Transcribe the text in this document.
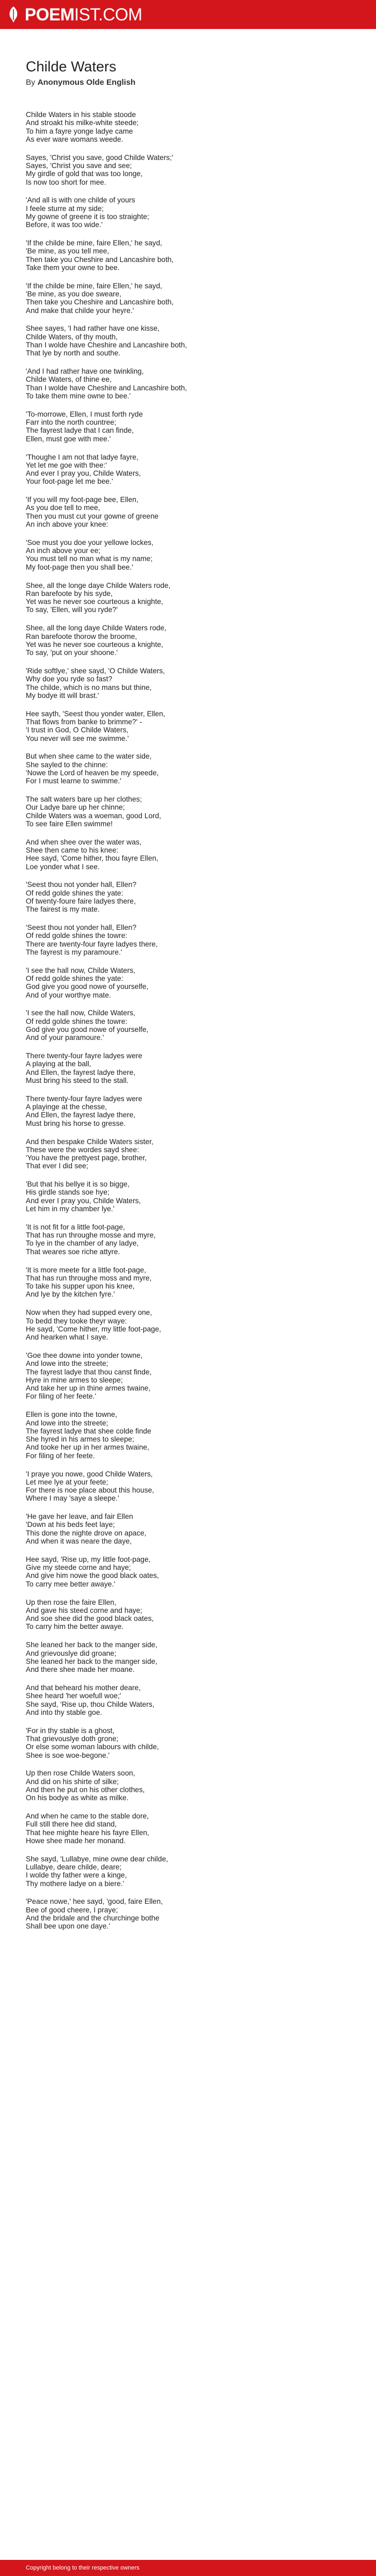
POEMIST.COM
Childe Waters
By Anonymous Olde English
Childe Waters in his stable stoode
And stroakt his milke-white steede;
To him a fayre yonge ladye came
As ever ware womans weede.
Sayes, 'Christ you save, good Childe Waters;'
Sayes, 'Christ you save and see;
My girdle of gold that was too longe,
Is now too short for mee.
'And all is with one childe of yours
I feele sturre at my side;
My gowne of greene it is too straighte;
Before, it was too wide.'
'If the childe be mine, faire Ellen,' he sayd,
'Be mine, as you tell mee,
Then take you Cheshire and Lancashire both,
Take them your owne to bee.
'If the childe be mine, faire Ellen,' he sayd,
'Be mine, as you doe sweare,
Then take you Cheshire and Lancashire both,
And make that childe your heyre.'
Shee sayes, 'I had rather have one kisse,
Childe Waters, of thy mouth,
Than I wolde have Cheshire and Lancashire both,
That lye by north and southe.
'And I had rather have one twinkling,
Childe Waters, of thine ee,
Than I wolde have Cheshire and Lancashire both,
To take them mine owne to bee.'
'To-morrowe, Ellen, I must forth ryde
Farr into the north countree;
The fayrest ladye that I can finde,
Ellen, must goe with mee.'
'Thoughe I am not that ladye fayre,
Yet let me goe with thee:'
And ever I pray you, Childe Waters,
Your foot-page let me bee.'
'If you will my foot-page bee, Ellen,
As you doe tell to mee,
Then you must cut your gowne of greene
An inch above your knee:
'Soe must you doe your yellowe lockes,
An inch above your ee;
You must tell no man what is my name;
My foot-page then you shall bee.'
Shee, all the longe daye Childe Waters rode,
Ran barefoote by his syde,
Yet was he never soe courteous a knighte,
To say, 'Ellen, will you ryde?'
Shee, all the long daye Childe Waters rode,
Ran barefoote thorow the broome,
Yet was he never soe courteous a knighte,
To say, 'put on your shoone.'
'Ride softlye,' shee sayd, 'O Childe Waters,
Why doe you ryde so fast?
The childe, which is no mans but thine,
My bodye itt will brast.'
Hee sayth, 'Seest thou yonder water, Ellen,
That flows from banke to brimme?' -
'I trust in God, O Childe Waters,
You never will see me swimme.'
But when shee came to the water side,
She sayled to the chinne:
'Nowe the Lord of heaven be my speede,
For I must learne to swimme.'
The salt waters bare up her clothes;
Our Ladye bare up her chinne;
Childe Waters was a woeman, good Lord,
To see faire Ellen swimme!
And when shee over the water was,
Shee then came to his knee:
Hee sayd, 'Come hither, thou fayre Ellen,
Loe yonder what I see.
'Seest thou not yonder hall, Ellen?
Of redd golde shines the yate:
Of twenty-foure faire ladyes there,
The fairest is my mate.
'Seest thou not yonder hall, Ellen?
Of redd golde shines the towre:
There are twenty-four fayre ladyes there,
The fayrest is my paramoure.'
'I see the hall now, Childe Waters,
Of redd golde shines the yate:
God give you good nowe of yourselfe,
And of your worthye mate.
'I see the hall now, Childe Waters,
Of redd golde shines the towre:
God give you good nowe of yourselfe,
And of your paramoure.'
There twenty-four fayre ladyes were
A playing at the ball,
And Ellen, the fayrest ladye there,
Must bring his steed to the stall.
There twenty-four fayre ladyes were
A playinge at the chesse,
And Ellen, the fayrest ladye there,
Must bring his horse to gresse.
And then bespake Childe Waters sister,
These were the wordes sayd shee:
'You have the prettyest page, brother,
That ever I did see;
'But that his bellye it is so bigge,
His girdle stands soe hye;
And ever I pray you, Childe Waters,
Let him in my chamber lye.'
'It is not fit for a little foot-page,
That has run throughe mosse and myre,
To lye in the chamber of any ladye,
That weares soe riche attyre.
'It is more meete for a little foot-page,
That has run throughe moss and myre,
To take his supper upon his knee,
And lye by the kitchen fyre.'
Now when they had supped every one,
To bedd they tooke theyr waye:
He sayd, 'Come hither, my little foot-page,
And hearken what I saye.
'Goe thee downe into yonder towne,
And lowe into the streete;
The fayrest ladye that thou canst finde,
Hyre in mine armes to sleepe;
And take her up in thine armes twaine,
For filing of her feete.'
Ellen is gone into the towne,
And lowe into the streete;
The fayrest ladye that shee colde finde
She hyred in his armes to sleepe;
And tooke her up in her armes twaine,
For filing of her feete.
'I praye you nowe, good Childe Waters,
Let mee lye at your feete;
For there is noe place about this house,
Where I may 'saye a sleepe.'
'He gave her leave, and fair Ellen
'Down at his beds feet laye;
This done the nighte drove on apace,
And when it was neare the daye,
Hee sayd, 'Rise up, my little foot-page,
Give my steede corne and haye;
And give him nowe the good black oates,
To carry mee better awaye.'
Up then rose the faire Ellen,
And gave his steed corne and haye;
And soe shee did the good black oates,
To carry him the better awaye.
She leaned her back to the manger side,
And grievouslye did groane;
She leaned her back to the manger side,
And there shee made her moane.
And that beheard his mother deare,
Shee heard 'her woefull woe;'
She sayd, 'Rise up, thou Childe Waters,
And into thy stable goe.
'For in thy stable is a ghost,
That grievouslye doth grone;
Or else some woman labours with childe,
Shee is soe woe-begone.'
Up then rose Childe Waters soon,
And did on his shirte of silke;
And then he put on his other clothes,
On his bodye as white as milke.
And when he came to the stable dore,
Full still there hee did stand,
That hee mighte heare his fayre Ellen,
Howe shee made her monand.
She sayd, 'Lullabye, mine owne dear childe,
Lullabye, deare childe, deare;
I wolde thy father were a kinge,
Thy mothere ladye on a biere.'
'Peace nowe,' hee sayd, 'good, faire Ellen,
Bee of good cheere, I praye;
And the bridale and the churchinge bothe
Shall bee upon one daye.'
Copyright belong to their respective owners
